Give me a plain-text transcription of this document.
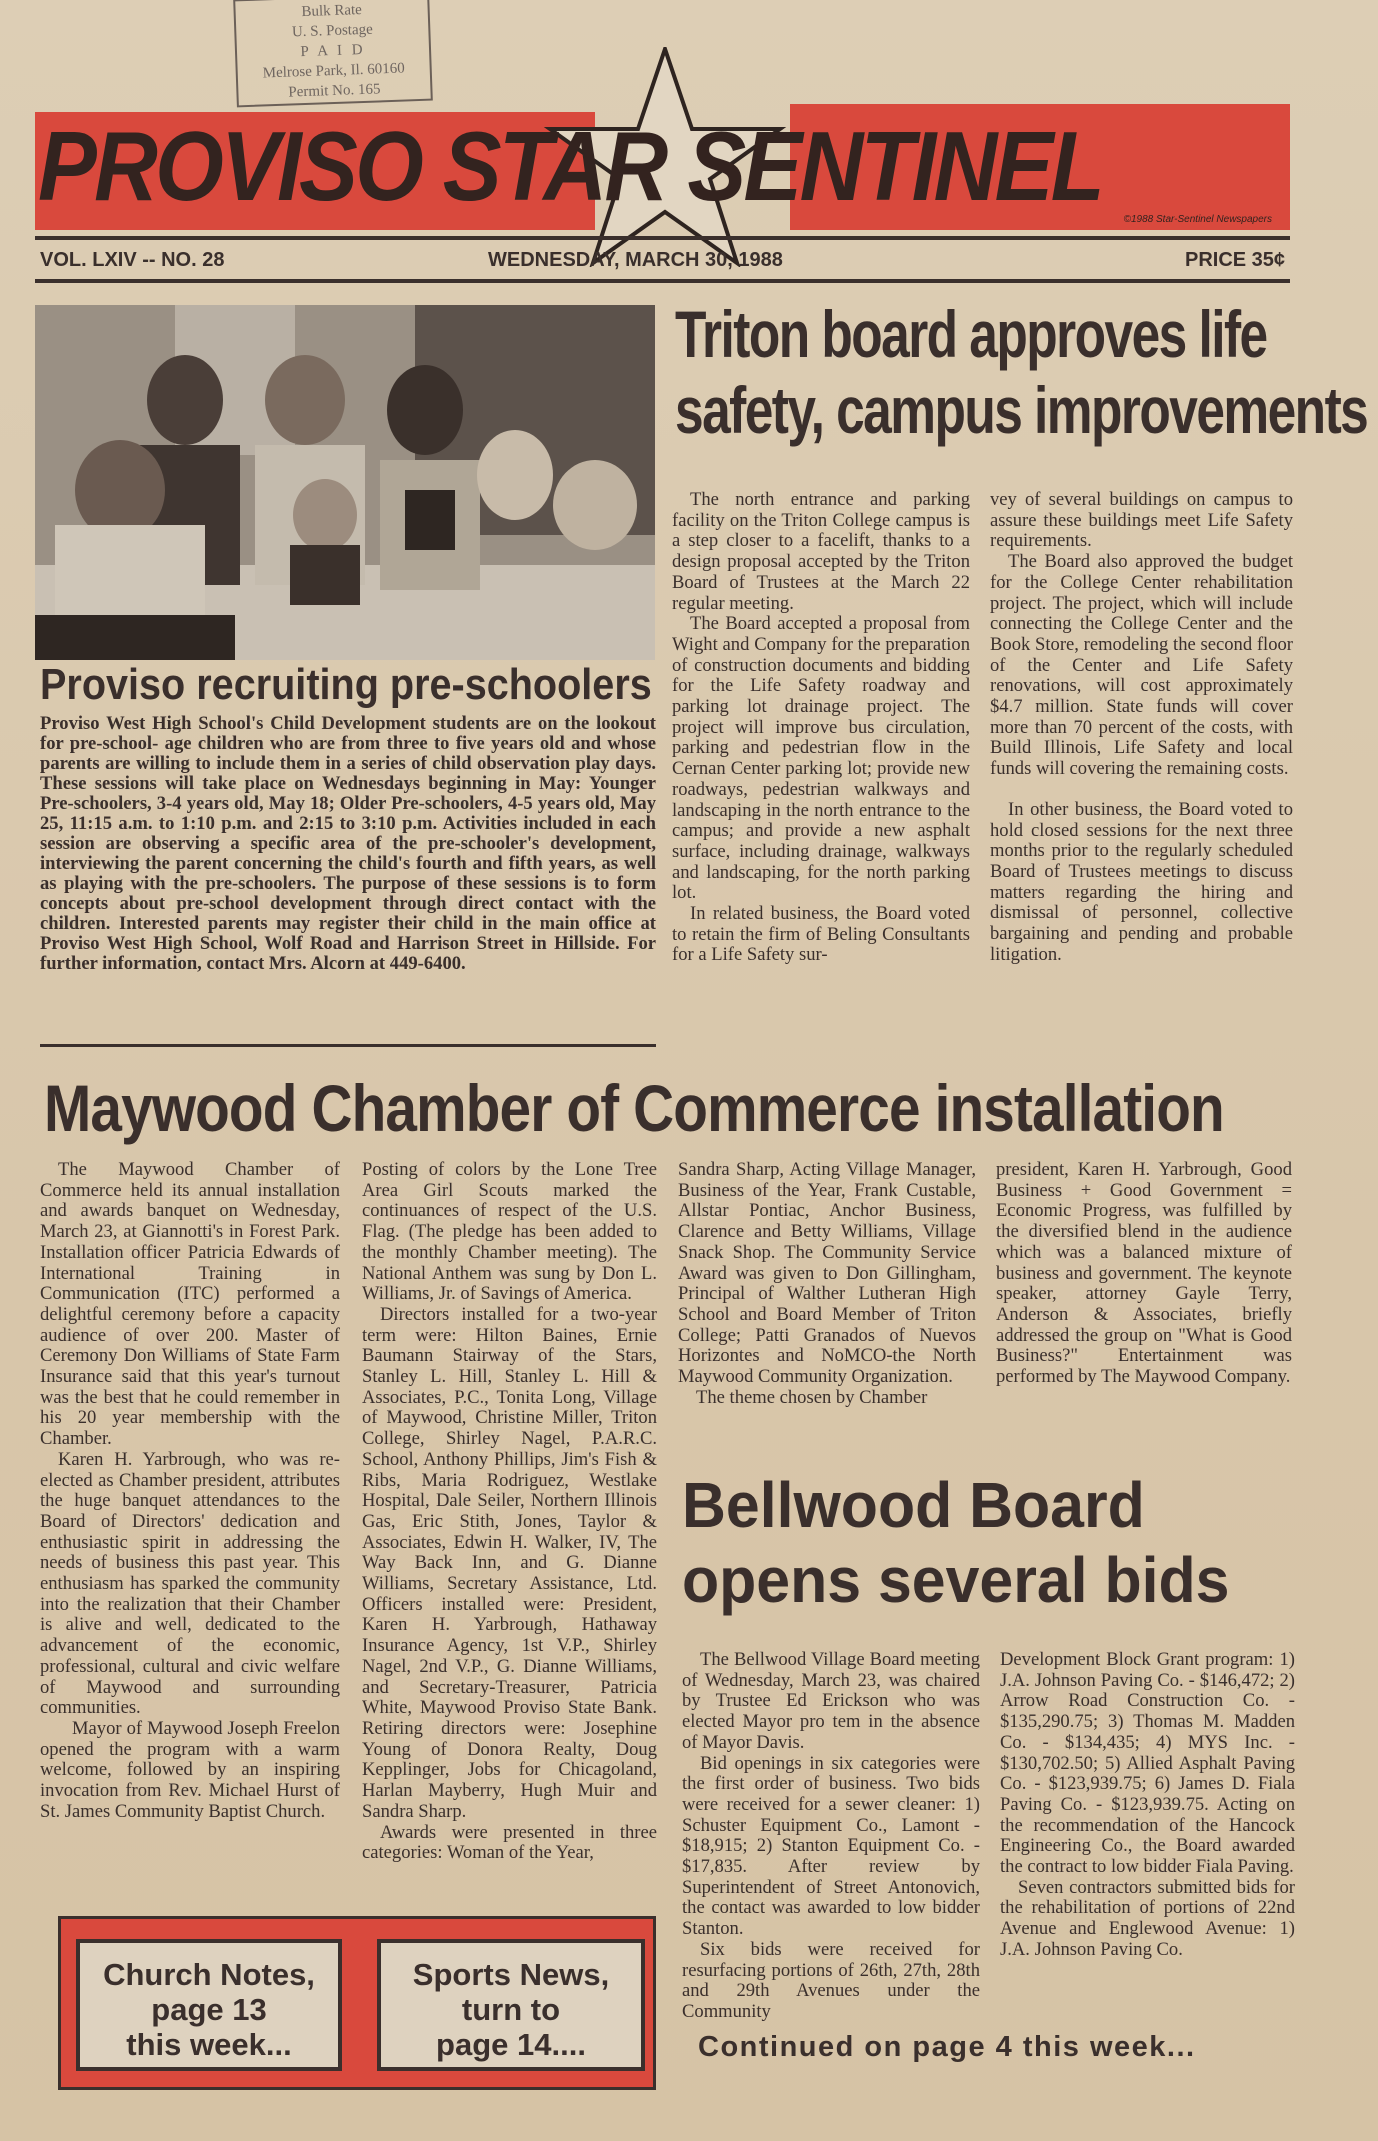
Bulk Rate
U. S. Postage
P A I D
Melrose Park, Il. 60160
Permit No. 165
PROVISO STAR SENTINEL ©1988 Star-Sentinel Newspapers
VOL. LXIV -- NO. 28	WEDNESDAY, MARCH 30, 1988	PRICE 35¢
Proviso recruiting pre-schoolers
Proviso West High School's Child Development students are on the lookout for pre-school- age children who are from three to five years old and whose parents are willing to include them in a series of child observation play days. These sessions will take place on Wednesdays beginning in May: Younger Pre-schoolers, 3-4 years old, May 18; Older Pre-schoolers, 4-5 years old, May 25, 11:15 a.m. to 1:10 p.m. and 2:15 to 3:10 p.m. Activities included in each session are observing a specific area of the pre-schooler's development, interviewing the parent concerning the child's fourth and fifth years, as well as playing with the pre-schoolers. The purpose of these sessions is to form concepts about pre-school development through direct contact with the children. Interested parents may register their child in the main office at Proviso West High School, Wolf Road and Harrison Street in Hillside. For further information, contact Mrs. Alcorn at 449-6400.
Triton board approves life
safety, campus improvements

The north entrance and parking facility on the Triton College campus is a step closer to a facelift, thanks to a design proposal accepted by the Triton Board of Trustees at the March 22 regular meeting.

The Board accepted a proposal from Wight and Company for the preparation of construction documents and bidding for the Life Safety roadway and parking lot drainage project. The project will improve bus circulation, parking and pedestrian flow in the Cernan Center parking lot; provide new roadways, pedestrian walkways and landscaping in the north entrance to the campus; and provide a new asphalt surface, including drainage, walkways and landscaping, for the north parking lot.

In related business, the Board voted to retain the firm of Beling Consultants for a Life Safety sur-

vey of several buildings on campus to assure these buildings meet Life Safety requirements.

The Board also approved the budget for the College Center rehabilitation project. The project, which will include connecting the College Center and the Book Store, remodeling the second floor of the Center and Life Safety renovations, will cost approximately $4.7 million. State funds will cover more than 70 percent of the costs, with Build Illinois, Life Safety and local funds will covering the remaining costs.

In other business, the Board voted to hold closed sessions for the next three months prior to the regularly scheduled Board of Trustees meetings to discuss matters regarding the hiring and dismissal of personnel, collective bargaining and pending and probable litigation.

Maywood Chamber of Commerce installation

The Maywood Chamber of Commerce held its annual installation and awards banquet on Wednesday, March 23, at Giannotti's in Forest Park. Installation officer Patricia Edwards of International Training in Communication (ITC) performed a delightful ceremony before a capacity audience of over 200. Master of Ceremony Don Williams of State Farm Insurance said that this year's turnout was the best that he could remember in his 20 year membership with the Chamber.

Karen H. Yarbrough, who was re-elected as Chamber president, attributes the huge banquet attendances to the Board of Directors' dedication and enthusiastic spirit in addressing the needs of business this past year. This enthusiasm has sparked the community into the realization that their Chamber is alive and well, dedicated to the advancement of the economic, professional, cultural and civic welfare of Maywood and surrounding communities.

Mayor of Maywood Joseph Freelon opened the program with a warm welcome, followed by an inspiring invocation from Rev. Michael Hurst of St. James Community Baptist Church.

Posting of colors by the Lone Tree Area Girl Scouts marked the continuances of respect of the U.S. Flag. (The pledge has been added to the monthly Chamber meeting). The National Anthem was sung by Don L. Williams, Jr. of Savings of America.

Directors installed for a two-year term were: Hilton Baines, Ernie Baumann Stairway of the Stars, Stanley L. Hill, Stanley L. Hill & Associates, P.C., Tonita Long, Village of Maywood, Christine Miller, Triton College, Shirley Nagel, P.A.R.C. School, Anthony Phillips, Jim's Fish & Ribs, Maria Rodriguez, Westlake Hospital, Dale Seiler, Northern Illinois Gas, Eric Stith, Jones, Taylor & Associates, Edwin H. Walker, IV, The Way Back Inn, and G. Dianne Williams, Secretary Assistance, Ltd. Officers installed were: President, Karen H. Yarbrough, Hathaway Insurance Agency, 1st V.P., Shirley Nagel, 2nd V.P., G. Dianne Williams, and Secretary-Treasurer, Patricia White, Maywood Proviso State Bank. Retiring directors were: Josephine Young of Donora Realty, Doug Kepplinger, Jobs for Chicagoland, Harlan Mayberry, Hugh Muir and Sandra Sharp.

Awards were presented in three categories: Woman of the Year,

Sandra Sharp, Acting Village Manager, Business of the Year, Frank Custable, Allstar Pontiac, Anchor Business, Clarence and Betty Williams, Village Snack Shop. The Community Service Award was given to Don Gillingham, Principal of Walther Lutheran High School and Board Member of Triton College; Patti Granados of Nuevos Horizontes and NoMCO-the North Maywood Community Organization.

The theme chosen by Chamber

president, Karen H. Yarbrough, Good Business + Good Government = Economic Progress, was fulfilled by the diversified blend in the audience which was a balanced mixture of business and government. The keynote speaker, attorney Gayle Terry, Anderson & Associates, briefly addressed the group on "What is Good Business?" Entertainment was performed by The Maywood Company.

Bellwood Board
opens several bids

The Bellwood Village Board meeting of Wednesday, March 23, was chaired by Trustee Ed Erickson who was elected Mayor pro tem in the absence of Mayor Davis.

Bid openings in six categories were the first order of business. Two bids were received for a sewer cleaner: 1) Schuster Equipment Co., Lamont - $18,915; 2) Stanton Equipment Co. - $17,835. After review by Superintendent of Street Antonovich, the contact was awarded to low bidder Stanton.

Six bids were received for resurfacing portions of 26th, 27th, 28th and 29th Avenues under the Community

Development Block Grant program: 1) J.A. Johnson Paving Co. - $146,472; 2) Arrow Road Construction Co. - $135,290.75; 3) Thomas M. Madden Co. - $134,435; 4) MYS Inc. - $130,702.50; 5) Allied Asphalt Paving Co. - $123,939.75; 6) James D. Fiala Paving Co. - $123,939.75. Acting on the recommendation of the Hancock Engineering Co., the Board awarded the contract to low bidder Fiala Paving.

Seven contractors submitted bids for the rehabilitation of portions of 22nd Avenue and Englewood Avenue: 1) J.A. Johnson Paving Co.

Continued on page 4 this week...
Church Notes,
page 13
this week...
Sports News,
turn to
page 14....
